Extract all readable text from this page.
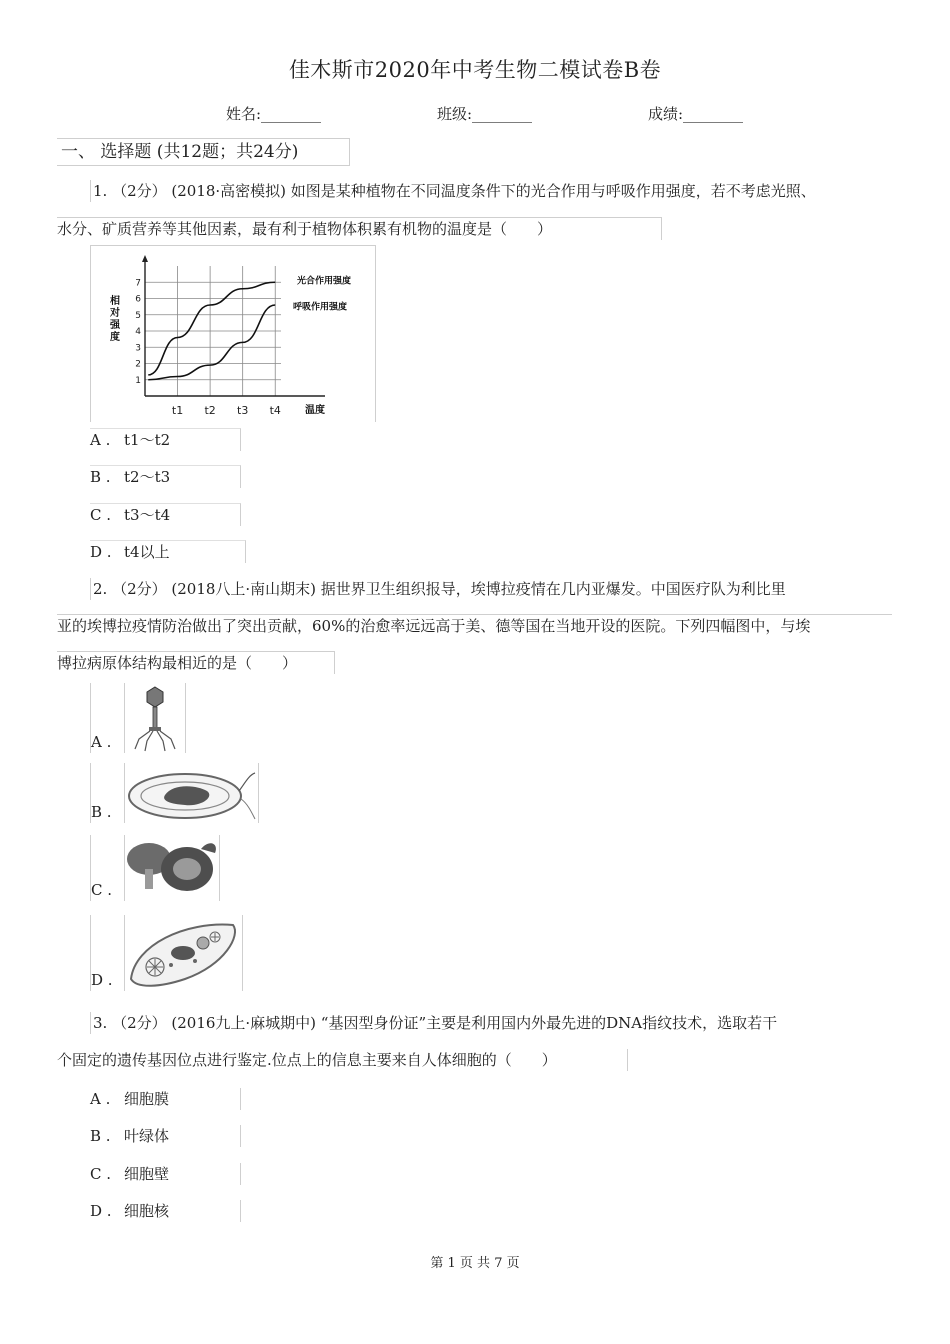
佳木斯市2020年中考生物二模试卷B卷
姓名:________	班级:________	成绩:________
一、 选择题 (共12题；共24分)
1. （2分） (2018·高密模拟) 如图是某种植物在不同温度条件下的光合作用与呼吸作用强度，若不考虑光照、
水分、矿质营养等其他因素，最有利于植物体积累有机物的温度是（　　）
1
2
3
4
5
6
7
t1 t2 t3 t4
光合作用强度
呼吸作用强度
相
对
强
度
温度
A . t1～t2
B . t2～t3
C . t3～t4
D . t4以上
2. （2分） (2018八上·南山期末) 据世界卫生组织报导，埃博拉疫情在几内亚爆发。中国医疗队为利比里
亚的埃博拉疫情防治做出了突出贡献，60%的治愈率远远高于美、德等国在当地开设的医院。下列四幅图中，与埃
博拉病原体结构最相近的是（　　）
A .
B .
C .
D .
3. （2分） (2016九上·麻城期中) “基因型身份证”主要是利用国内外最先进的DNA指纹技术，选取若干
个固定的遗传基因位点进行鉴定.位点上的信息主要来自人体细胞的（　　）
A . 细胞膜
B . 叶绿体
C . 细胞壁
D . 细胞核
第 1 页 共 7 页
